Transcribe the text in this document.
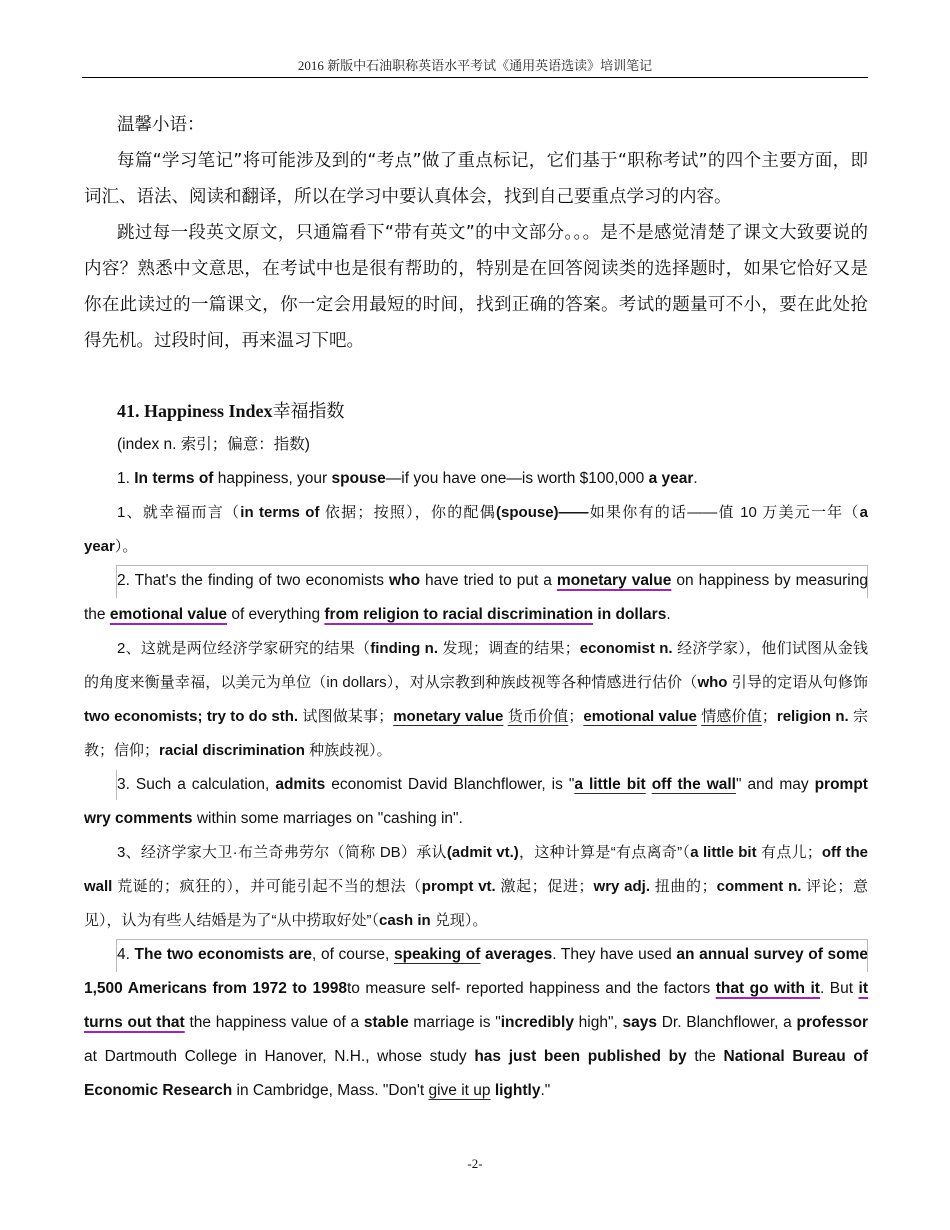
2016 新版中石油职称英语水平考试《通用英语选读》培训笔记

温馨小语：

每篇“学习笔记”将可能涉及到的“考点”做了重点标记，它们基于“职称考试”的四个主要方面，即词汇、语法、阅读和翻译，所以在学习中要认真体会，找到自己要重点学习的内容。

跳过每一段英文原文，只通篇看下“带有英文”的中文部分。。。是不是感觉清楚了课文大致要说的内容？熟悉中文意思，在考试中也是很有帮助的，特别是在回答阅读类的选择题时，如果它恰好又是你在此读过的一篇课文，你一定会用最短的时间，找到正确的答案。考试的题量可不小，要在此处抢得先机。过段时间，再来温习下吧。

41. Happiness Index幸福指数

(index n. 索引；偏意：指数)

1. In terms of happiness, your spouse—if you have one—is worth $100,000 a year.

1、就幸福而言（in terms of 依据；按照），你的配偶(spouse)——如果你有的话——值 10 万美元一年（a year）。

2. That's the finding of two economists who have tried to put a monetary value on happiness by measuring the emotional value of everything from religion to racial discrimination in dollars.

2、这就是两位经济学家研究的结果（finding n. 发现；调查的结果；economist n. 经济学家），他们试图从金钱的角度来衡量幸福，以美元为单位（in dollars），对从宗教到种族歧视等各种情感进行估价（who 引导的定语从句修饰 two economists; try to do sth. 试图做某事；monetary value 货币价值；emotional value 情感价值；religion n. 宗教；信仰；racial discrimination 种族歧视）。

3. Such a calculation, admits economist David Blanchflower, is "a little bit off the wall" and may prompt wry comments within some marriages on "cashing in".

3、经济学家大卫·布兰奇弗劳尔（简称 DB）承认(admit vt.)，这种计算是“有点离奇”（a little bit 有点儿；off the wall 荒诞的；疯狂的），并可能引起不当的想法（prompt vt. 激起；促进；wry adj. 扭曲的；comment n. 评论；意见），认为有些人结婚是为了“从中捞取好处”（cash in 兑现）。

4. The two economists are, of course, speaking of averages. They have used an annual survey of some 1,500 Americans from 1972 to 1998to measure self- reported happiness and the factors that go with it. But it turns out that the happiness value of a stable marriage is "incredibly high", says Dr. Blanchflower, a professor at Dartmouth College in Hanover, N.H., whose study has just been published by the National Bureau of Economic Research in Cambridge, Mass. "Don't give it up lightly."

-2-
